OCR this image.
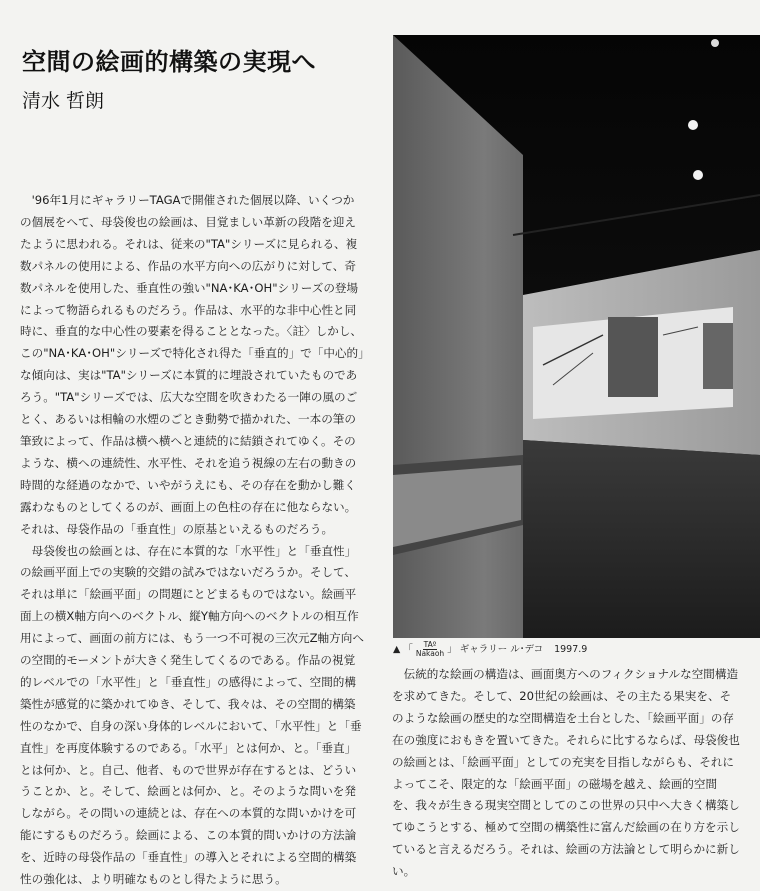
空間の絵画的構築の実現へ
清水 哲朗

'96年1月にギャラリーTAGAで開催された個展以降、いくつかの個展をへて、母袋俊也の絵画は、目覚ましい革新の段階を迎えたように思われる。それは、従来の"TA"シリーズに見られる、複数パネルの使用による、作品の水平方向への広がりに対して、奇数パネルを使用した、垂直性の強い"NA･KA･OH"シリーズの登場によって物語られるものだろう。作品は、水平的な非中心性と同時に、垂直的な中心性の要素を得ることとなった。〈註〉しかし、この"NA･KA･OH"シリーズで特化され得た「垂直的」で「中心的」な傾向は、実は"TA"シリーズに本質的に埋設されていたものであろう。"TA"シリーズでは、広大な空間を吹きわたる一陣の風のごとく、あるいは相輪の水煙のごとき動勢で描かれた、一本の筆の筆致によって、作品は横へ横へと連続的に結鎖されてゆく。そのような、横への連続性、水平性、それを追う視線の左右の動きの時間的な経過のなかで、いやがうえにも、その存在を動かし難く露わなものとしてくるのが、画面上の色柱の存在に他ならない。それは、母袋作品の「垂直性」の原基といえるものだろう。

母袋俊也の絵画とは、存在に本質的な「水平性」と「垂直性」の絵画平面上での実験的交錯の試みではないだろうか。そして、それは単に「絵画平面」の問題にとどまるものではない。絵画平面上の横X軸方向へのベクトル、縦Y軸方向へのベクトルの相互作用によって、画面の前方には、もう一つ不可視の三次元Z軸方向への空間的モーメントが大きく発生してくるのである。作品の視覚的レベルでの「水平性」と「垂直性」の感得によって、空間的構築性が感覚的に築かれてゆき、そして、我々は、その空間的構築性のなかで、自身の深い身体的レベルにおいて、「水平性」と「垂直性」を再度体験するのである。「水平」とは何か、と。「垂直」とは何か、と。自己、他者、もので世界が存在するとは、どういうことか、と。そして、絵画とは何か、と。そのような問いを発しながら。その問いの連続とは、存在への本質的な問いかけを可能にするものだろう。絵画による、この本質的問いかけの方法論を、近時の母袋作品の「垂直性」の導入とそれによる空間的構築性の強化は、より明確なものとし得たように思う。

▲ 「 $\frac{\text{TAº}}{\text{Nakaoh}}$ 」 ギャラリー ル･デコ 1997.9

伝統的な絵画の構造は、画面奥方へのフィクショナルな空間構造を求めてきた。そして、20世紀の絵画は、その主たる果実を、そのような絵画の歴史的な空間構造を土台とした、「絵画平面」の存在の強度におもきを置いてきた。それらに比するならば、母袋俊也の絵画とは、「絵画平面」としての充実を目指しながらも、それによってこそ、限定的な「絵画平面」の磁場を越え、絵画的空間を、我々が生きる現実空間としてのこの世界の只中へ大きく構築してゆこうとする、極めて空間の構築性に富んだ絵画の在り方を示していると言えるだろう。それは、絵画の方法論として明らかに新しい。
